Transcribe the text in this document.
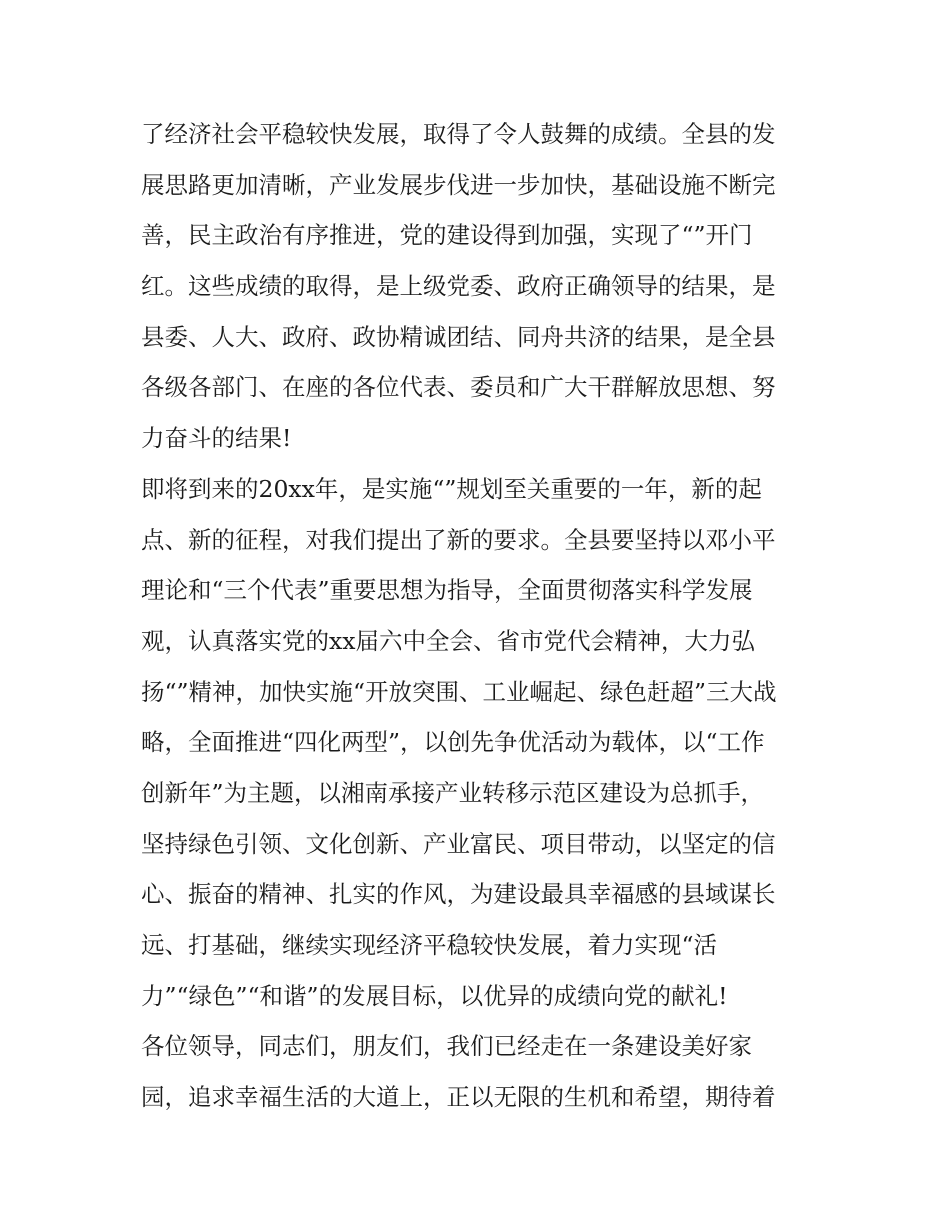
了经济社会平稳较快发展，取得了令人鼓舞的成绩。全县的发
展思路更加清晰，产业发展步伐进一步加快，基础设施不断完
善，民主政治有序推进，党的建设得到加强，实现了“”开门
红。这些成绩的取得，是上级党委、政府正确领导的结果，是
县委、人大、政府、政协精诚团结、同舟共济的结果，是全县
各级各部门、在座的各位代表、委员和广大干群解放思想、努
力奋斗的结果!
即将到来的20xx年，是实施“”规划至关重要的一年，新的起
点、新的征程，对我们提出了新的要求。全县要坚持以邓小平
理论和“三个代表”重要思想为指导，全面贯彻落实科学发展
观，认真落实党的xx届六中全会、省市党代会精神，大力弘
扬“”精神，加快实施“开放突围、工业崛起、绿色赶超”三大战
略，全面推进“四化两型”，以创先争优活动为载体，以“工作
创新年”为主题，以湘南承接产业转移示范区建设为总抓手，
坚持绿色引领、文化创新、产业富民、项目带动，以坚定的信
心、振奋的精神、扎实的作风，为建设最具幸福感的县域谋长
远、打基础，继续实现经济平稳较快发展，着力实现“活
力”“绿色”“和谐”的发展目标，以优异的成绩向党的献礼!
各位领导，同志们，朋友们，我们已经走在一条建设美好家
园，追求幸福生活的大道上，正以无限的生机和希望，期待着
